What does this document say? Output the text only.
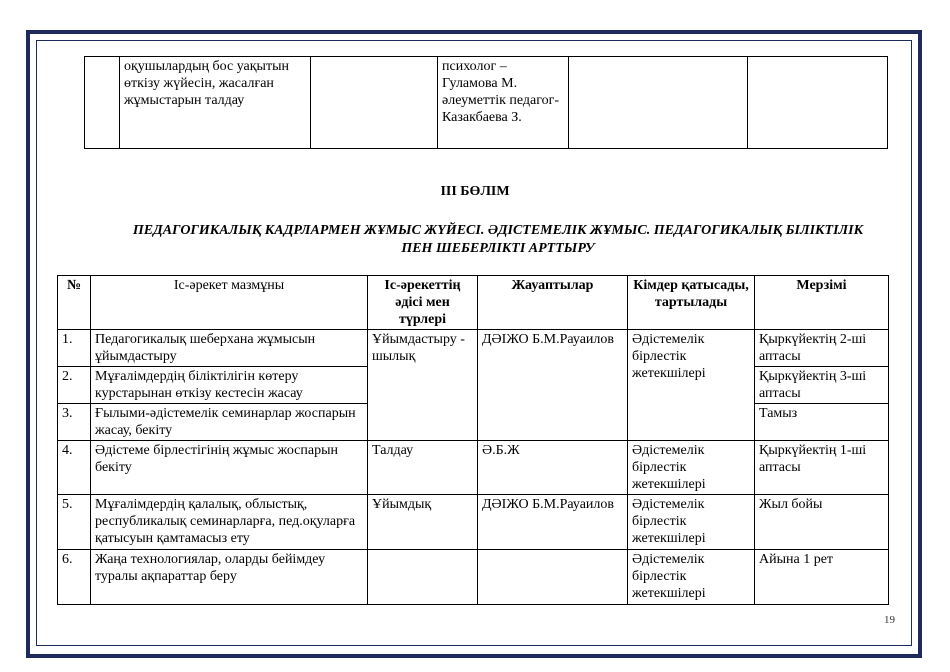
	оқушылардың бос уақытын өткізу жүйесін, жасалған жұмыстарын талдау		психолог – Гуламова М. әлеуметтік педагог- Казакбаева З.		
ІІІ БӨЛІМ
ПЕДАГОГИКАЛЫҚ КАДРЛАРМЕН ЖҰМЫС ЖҮЙЕСІ. ӘДІСТЕМЕЛІК ЖҰМЫС. ПЕДАГОГИКАЛЫҚ БІЛІКТІЛІК ПЕН ШЕБЕРЛІКТІ АРТТЫРУ
№	Іс-әрекет мазмұны	Іс-әрекеттің әдісі мен түрлері	Жауаптылар	Кімдер қатысады, тартылады	Мерзімі
1.	Педагогикалық шеберхана жұмысын ұйымдастыру	Ұйымдастыру - шылық	ДӘІЖО Б.М.Рауаилов	Әдістемелік бірлестік жетекшілері	Қыркүйектің 2-ші аптасы
2.	Мұғалімдердің біліктілігін көтеру курстарынан өткізу кестесін жасау				Қыркүйектің 3-ші аптасы
3.	Ғылыми-әдістемелік семинарлар жоспарын жасау, бекіту				Тамыз
4.	Әдістеме бірлестігінің жұмыс жоспарын бекіту	Талдау	Ә.Б.Ж	Әдістемелік бірлестік жетекшілері	Қыркүйектің 1-ші аптасы
5.	Мұғалімдердің қалалық, облыстық, республикалық семинарларға, пед.оқуларға қатысуын қамтамасыз ету	Ұйымдық	ДӘІЖО Б.М.Рауаилов	Әдістемелік бірлестік жетекшілері	Жыл бойы
6.	Жаңа технологиялар, оларды бейімдеу туралы ақпараттар беру			Әдістемелік бірлестік жетекшілері	Айына 1 рет
19
